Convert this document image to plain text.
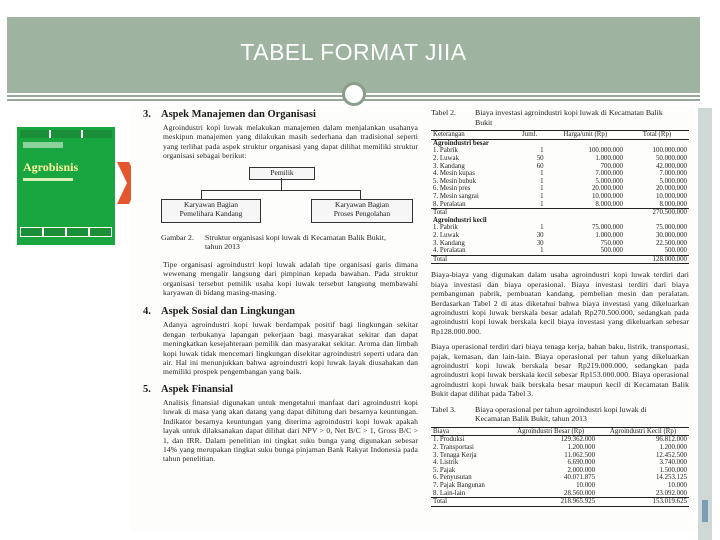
TABEL FORMAT JIIA
Agrobisnis

3. Aspek Manajemen dan Organisasi

Agroindustri kopi luwak melakukan manajemen dalam menjalankan usahanya meskipun manajemen yang dilakukan masih sederhana dan tradisional seperti yang terlihat pada aspek struktur organisasi yang dapat dilihat memiliki struktur organisasi sebagai berikut:

Pemilik
Karyawan Bagian
Pemelihara Kandang
Karyawan Bagian
Proses Pengolahan

Gambar 2. Struktur organisasi kopi luwak di Kecamatan Balik Bukit, tahun 2013

Tipe organisasi agroindustri kopi luwak adalah tipe organisasi garis dimana wewenang mengalir langsung dari pimpinan kepada bawahan. Pada struktur organisasi tersebut pemilik usaha kopi luwak tersebut langsung membawahi karyawan di bidang masing-masing.

4. Aspek Sosial dan Lingkungan

Adanya agroindustri kopi luwak berdampak positif bagi lingkungan sekitar dengan terbukanya lapangan pekerjaan bagi masyarakat sekitar dan dapat meningkatkan kesejahteraan pemilik dan masyarakat sekitar. Aroma dan limbah kopi luwak tidak mencemari lingkungan disekitar agroindustri seperti udara dan air. Hal ini menunjukkan bahwa agroindustri kopi luwak layak diusahakan dan memiliki prospek pengembangan yang baik.

5. Aspek Finansial

Analisis finansial digunakan untuk mengetahui manfaat dari agroindustri kopi luwak di masa yang akan datang yang dapat dihitung dari besarnya keuntungan. Indikator besarnya keuntungan yang diterima agroindustri kopi luwak apakah layak untuk dilaksanakan dapat dilihat dari NPV > 0, Net B/C > 1, Gross B/C > 1, dan IRR. Dalam penelitian ini tingkat suku bunga yang digunakan sebesar 14% yang merupakan tingkat suku bunga pinjaman Bank Rakyat Indonesia pada tahun penelitian.

Tabel 2. Biaya investasi agroindustri kopi luwak di Kecamatan Balik Bukit

Keterangan	Juml.	Harga/unit (Rp)	Total (Rp)
Agroindustri besar			
1. Pabrik	1	100.000.000	100.000.000
2. Luwak	50	1.000.000	50.000.000
3. Kandang	60	700.000	42.000.000
4. Mesin kupas	1	7.000.000	7.000.000
5. Mesin bubuk	1	5.000.000	5.000.000
6. Mesin pres	1	20.000.000	20.000.000
7. Mesin sangrai	1	10.000.000	10.000.000
8. Peralatan	1	8.000.000	8.000.000
Total			270.500.000
Agroindustri kecil			
1. Pabrik	1	75.000.000	75.000.000
2. Luwak	30	1.000.000	30.000.000
3. Kandang	30	750.000	22.500.000
4. Peralatan	1	500.000	500.000
Total			128.000.000

Biaya-biaya yang digunakan dalam usaha agroindustri kopi luwak terdiri dari biaya investasi dan biaya operasional. Biaya investasi terdiri dari biaya pembangunan pabrik, pembuatan kandang, pembelian mesin dan peralatan. Berdasarkan Tabel 2 di atas diketahui bahwa biaya investasi yang dikeluarkan agroindustri kopi luwak berskala besar adalah Rp270.500.000, sedangkan pada agroindustri kopi luwak berskala kecil biaya investasi yang dikeluarkan sebesar Rp128.000.000.

Biaya operasional terdiri dari biaya tenaga kerja, bahan baku, listrik, transportasi, pajak, kemasan, dan lain-lain. Biaya operasional per tahun yang dikeluarkan agroindustri kopi luwak berskala besar Rp219.000.000, sedangkan pada agroindustri kopi luwak berskala kecil sebesar Rp153.000.000. Biaya operasional agroindustri kopi luwak baik berskala besar maupun kecil di Kecamatan Balik Bukit dapat dilihat pada Tabel 3.

Tabel 3. Biaya operasional per tahun agroindustri kopi luwak di Kecamatan Balik Bukit, tahun 2013

Biaya	Agroindustri Besar (Rp)	Agroindustri Kecil (Rp)
1. Produksi	129.362.000	96.812.000
2. Transportasi	1.200.000	1.200.000
3. Tenaga Kerja	11.062.500	12.452.500
4. Listrik	6.690.000	3.740.000
5. Pajak	2.000.000	1.500.000
6. Penyusutan	40.071.875	14.253.125
7. Pajak Bangunan	10.000	10.000
8. Lain-lain	28.560.000	23.092.000
Total	218.965.925	153.019.625
